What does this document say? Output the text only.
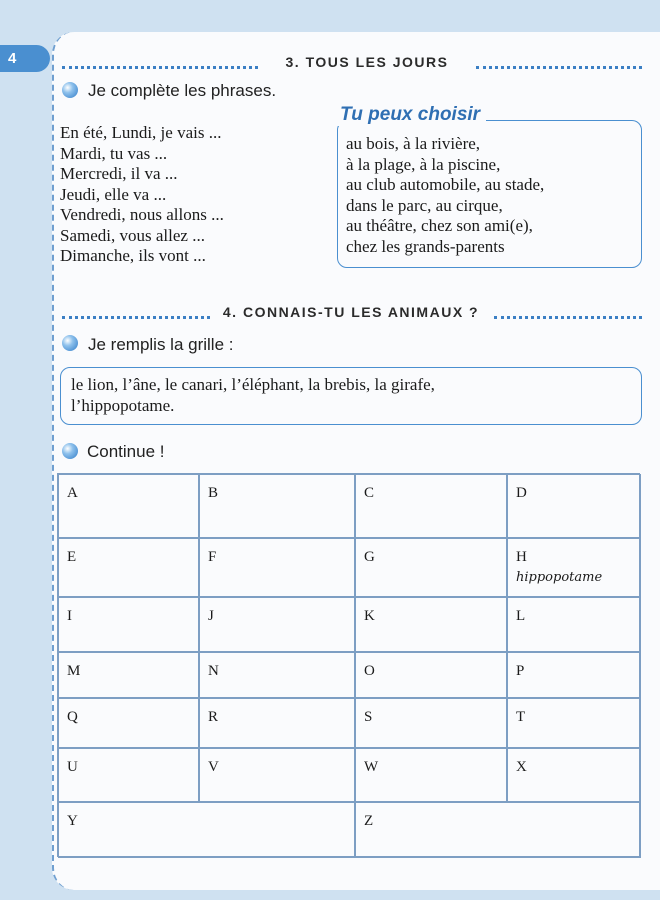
4	3. TOUS LES JOURS
Je complète les phrases.
En été, Lundi, je vais ...
Mardi, tu vas ...
Mercredi, il va ...
Jeudi, elle va ...
Vendredi, nous allons ...
Samedi, vous allez ...
Dimanche, ils vont ...
Tu peux choisir
au bois, à la rivière,
à la plage, à la piscine,
au club automobile, au stade,
dans le parc, au cirque,
au théâtre, chez son ami(e),
chez les grands-parents
4. CONNAIS-TU LES ANIMAUX ?
Je remplis la grille :
le lion, l’âne, le canari, l’éléphant, la brebis, la girafe,
l’hippopotame.
Continue !
A	B	C	D
E	F	G	H
hippopotame
I	J	K	L
M	N	O	P
Q	R	S	T
U	V	W	X
Y	Z
